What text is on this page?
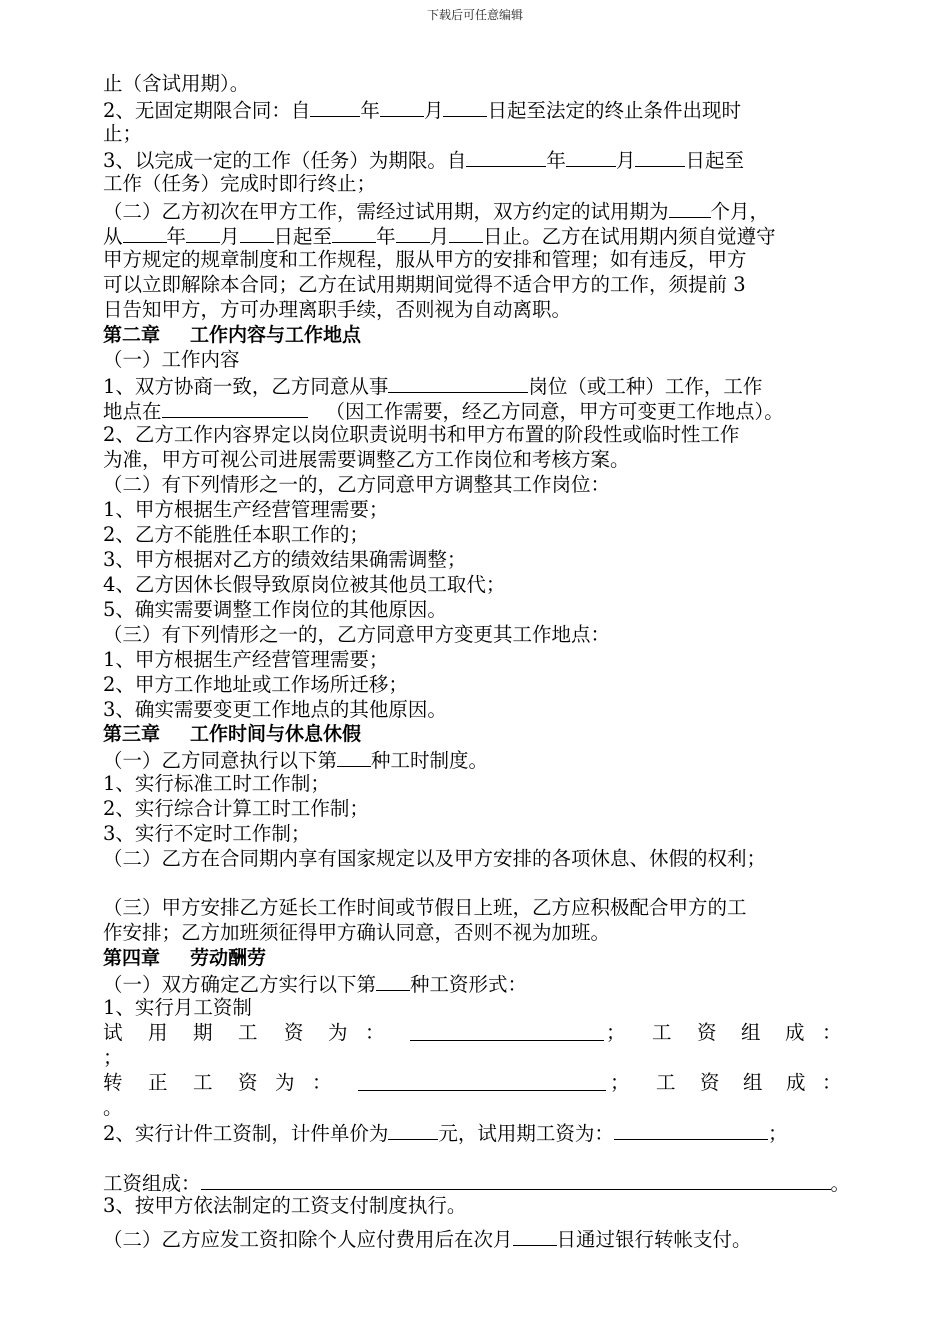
下载后可任意编辑
止（含试用期）。
2、无固定期限合同：自	年 月 日起至法定的终止条件出现时
止；
3、以完成一定的工作（任务）为期限。自	年	月	日起至
工作（任务）完成时即行终止；
（二）乙方初次在甲方工作，需经过试用期，双方约定的试用期为 个月，
从 年 月 日起至 年 月 日止。乙方在试用期内须自觉遵守
甲方规定的规章制度和工作规程，服从甲方的安排和管理；如有违反，甲方
可以立即解除本合同；乙方在试用期期间觉得不适合甲方的工作，须提前 3
日告知甲方，方可办理离职手续，否则视为自动离职。
第二章 工作内容与工作地点
（一）工作内容
1、双方协商一致，乙方同意从事	岗位（或工种）工作，工作
地点在	（因工作需要，经乙方同意，甲方可变更工作地点）。
2、乙方工作内容界定以岗位职责说明书和甲方布置的阶段性或临时性工作
为准，甲方可视公司进展需要调整乙方工作岗位和考核方案。
（二）有下列情形之一的，乙方同意甲方调整其工作岗位：
1、甲方根据生产经营管理需要；
2、乙方不能胜任本职工作的；
3、甲方根据对乙方的绩效结果确需调整；
4、乙方因休长假导致原岗位被其他员工取代；
5、确实需要调整工作岗位的其他原因。
（三）有下列情形之一的，乙方同意甲方变更其工作地点：
1、甲方根据生产经营管理需要；
2、甲方工作地址或工作场所迁移；
3、确实需要变更工作地点的其他原因。
第三章 工作时间与休息休假
（一）乙方同意执行以下第 种工时制度。
1、实行标准工时工作制；
2、实行综合计算工时工作制；
3、实行不定时工作制；
（二）乙方在合同期内享有国家规定以及甲方安排的各项休息、休假的权利；
（三）甲方安排乙方延长工作时间或节假日上班，乙方应积极配合甲方的工
作安排；乙方加班须征得甲方确认同意，否则不视为加班。
第四章 劳动酬劳
（一）双方确定乙方实行以下第 种工资形式：
1、实行月工资制
试 用 期 工 资 为 ：	； 工 资 组 成 ：
；
转 正 工 资 为 ：	； 工 资 组 成 ：
。
2、实行计件工资制，计件单价为	元，试用期工资为：	；
工资组成：	。
3、按甲方依法制定的工资支付制度执行。
（二）乙方应发工资扣除个人应付费用后在次月 日通过银行转帐支付。
